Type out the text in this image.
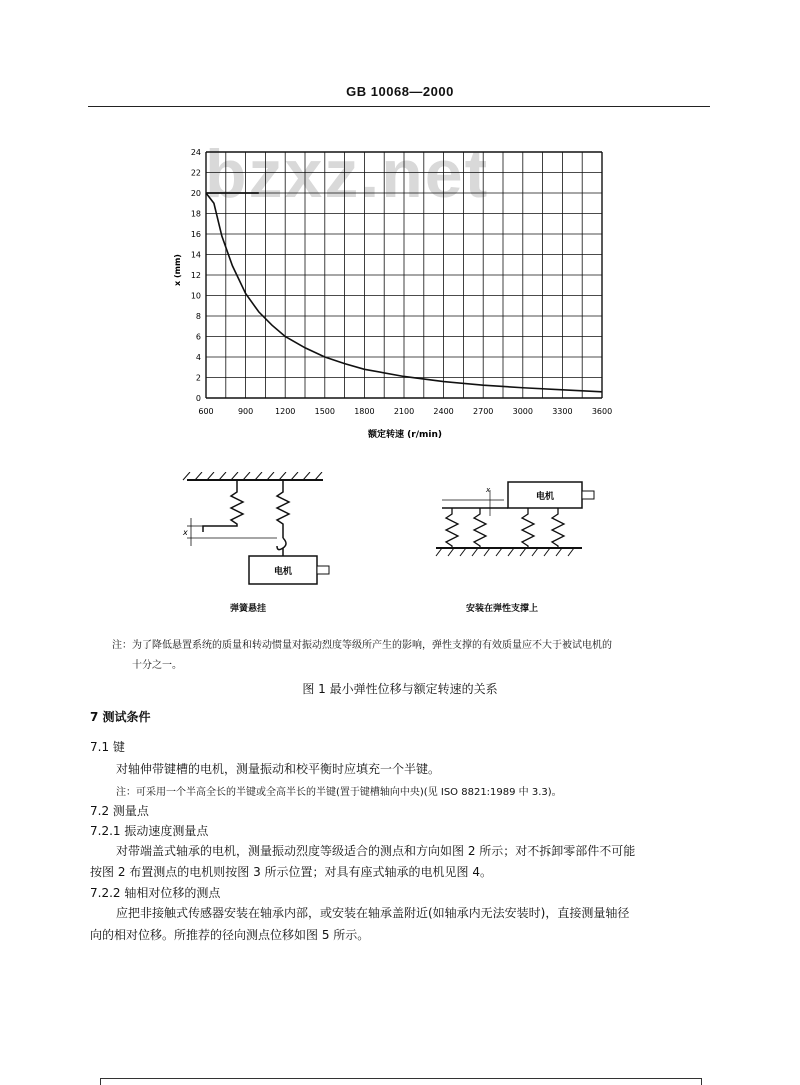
GB 10068—2000
bzxz.net
600	900	1200 1500 1800 2100 2400 2700 3000 3300 3600
0
2
4
6
8
10
12
14
16
18
20
22
24
额定转速 (r/min)
x (mm)
x
电机
弹簧悬挂
电机
x
安装在弹性支撑上
注：为了降低悬置系统的质量和转动惯量对振动烈度等级所产生的影响，弹性支撑的有效质量应不大于被试电机的
十分之一。
图 1 最小弹性位移与额定转速的关系
7 测试条件
7.1 键
对轴伸带键槽的电机，测量振动和校平衡时应填充一个半键。
注：可采用一个半高全长的半键或全高半长的半键(置于键槽轴向中央)(见 ISO 8821:1989 中 3.3)。
7.2 测量点
7.2.1 振动速度测量点
对带端盖式轴承的电机，测量振动烈度等级适合的测点和方向如图 2 所示；对不拆卸零部件不可能
按图 2 布置测点的电机则按图 3 所示位置；对具有座式轴承的电机见图 4。
7.2.2 轴相对位移的测点
应把非接触式传感器安装在轴承内部，或安装在轴承盖附近(如轴承内无法安装时)，直接测量轴径
向的相对位移。所推荐的径向测点位移如图 5 所示。
